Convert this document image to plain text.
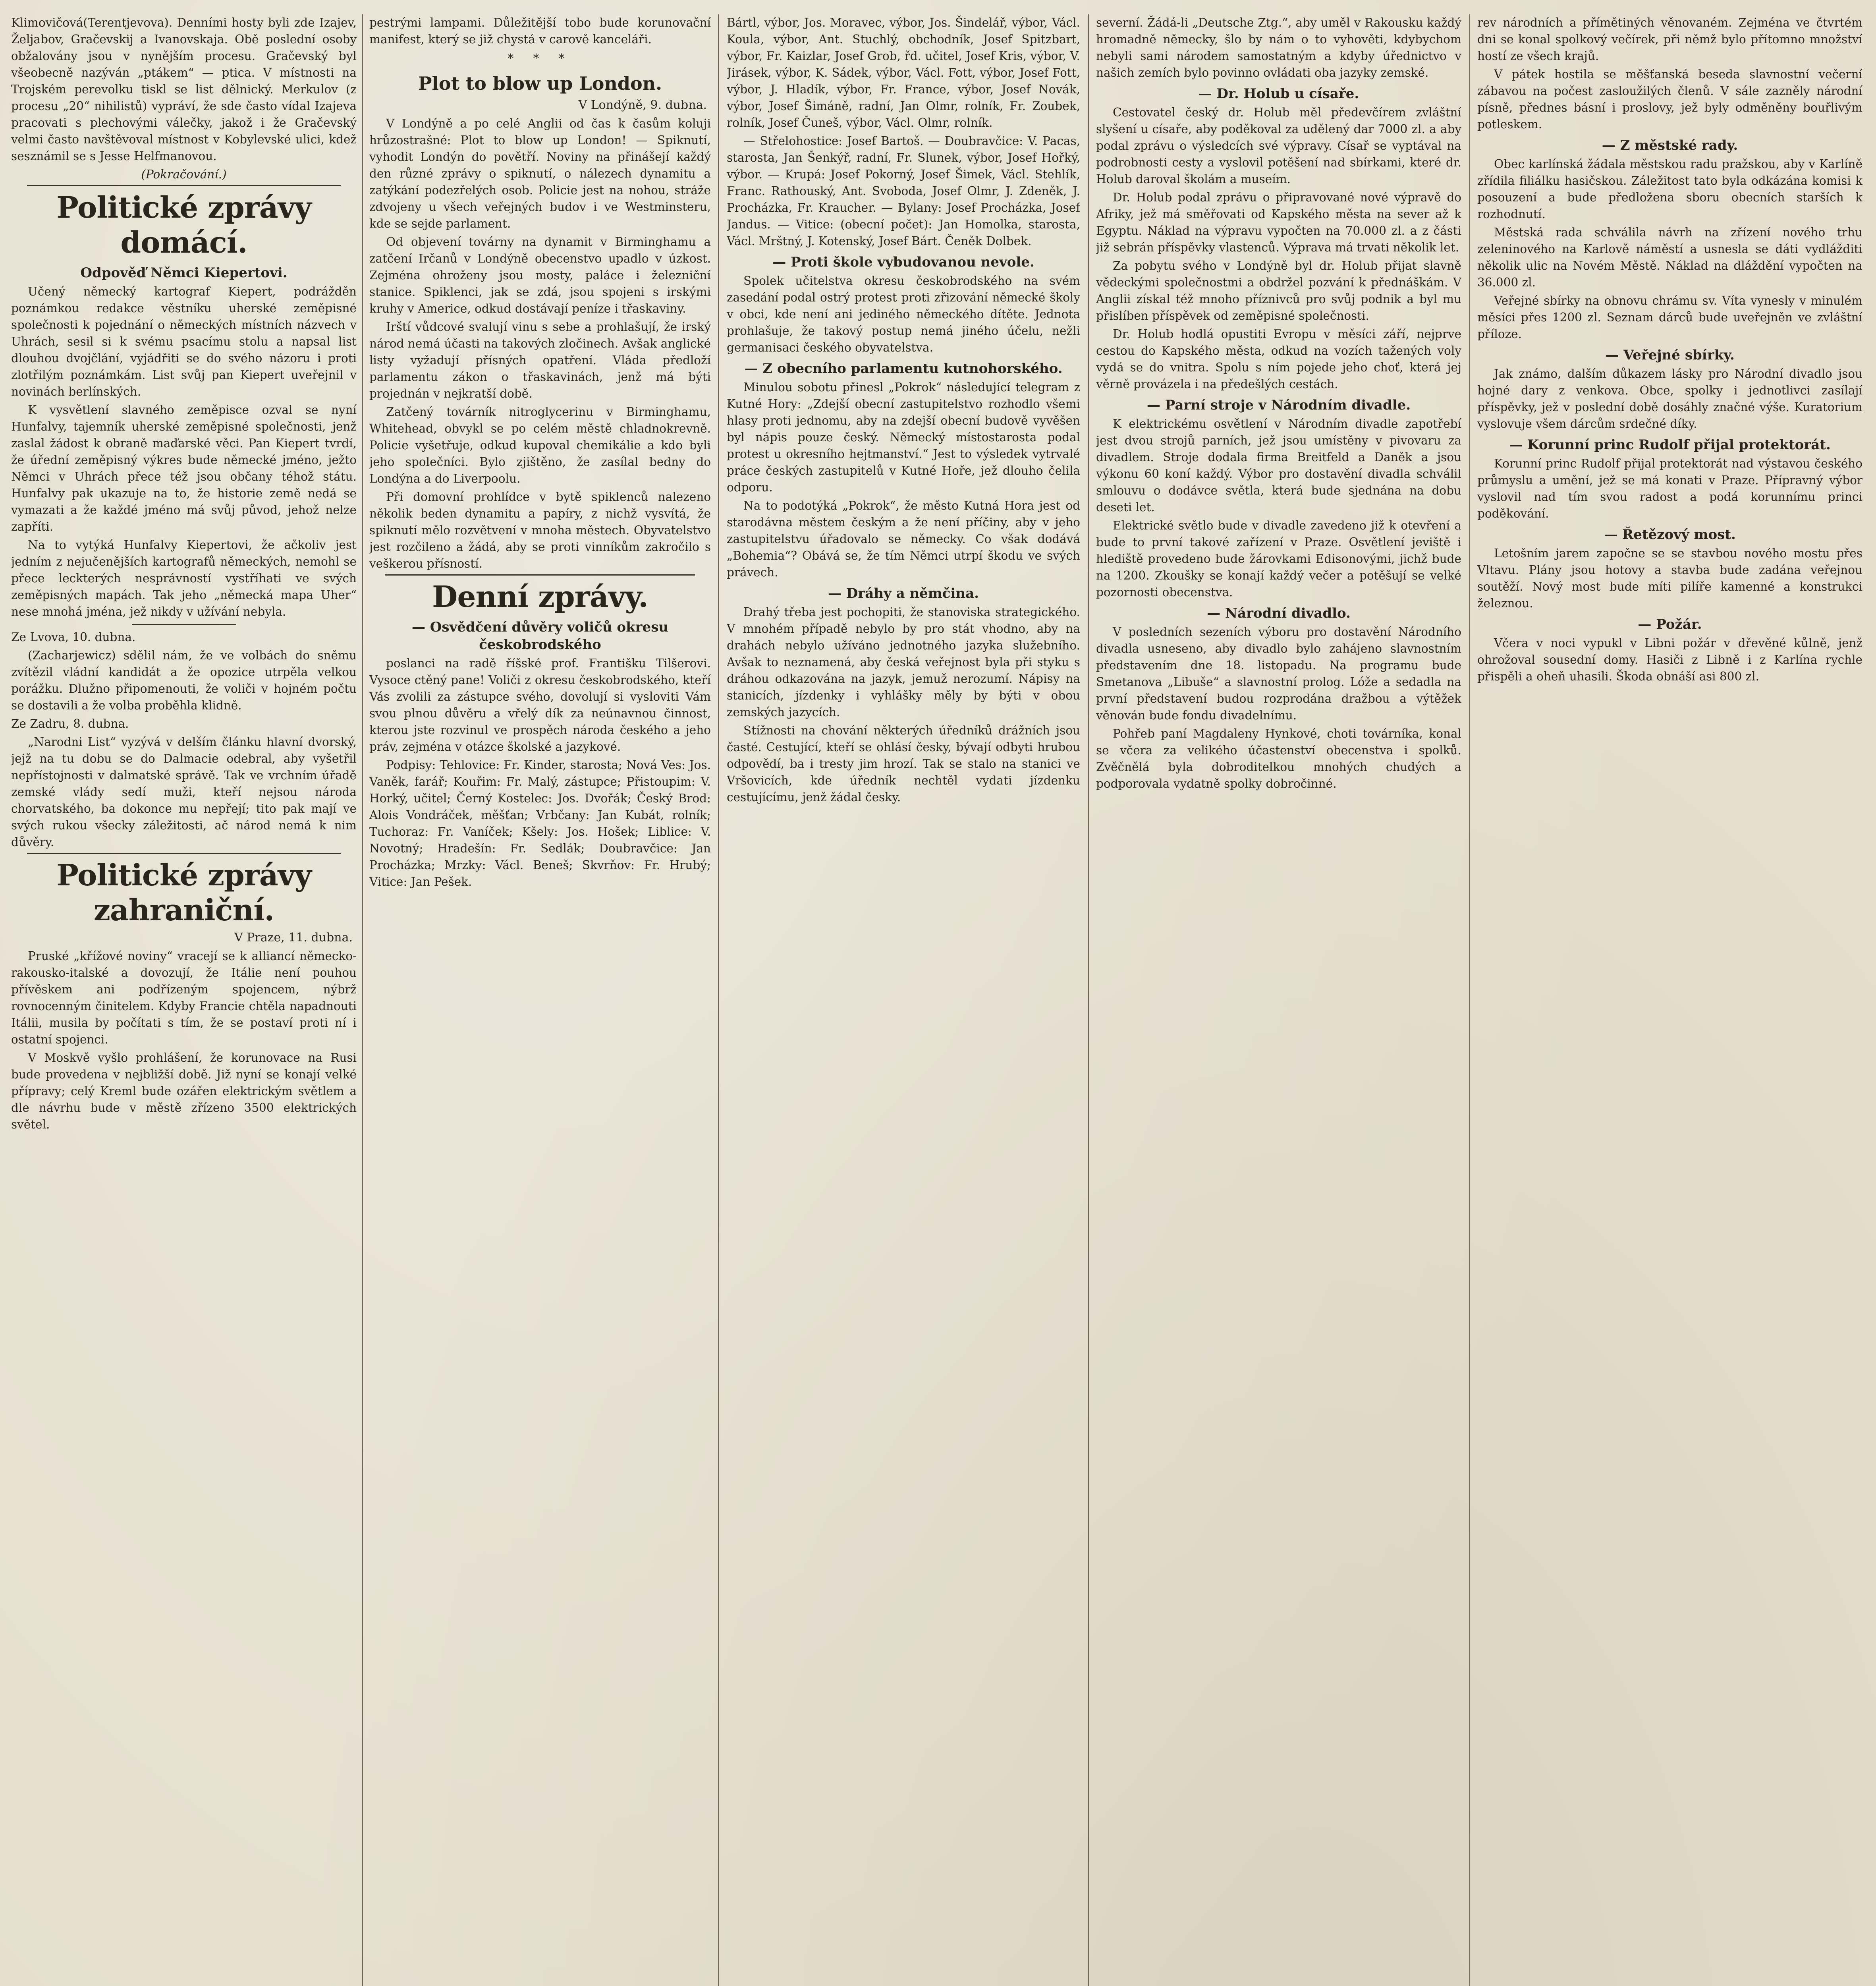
Klimovičová(Terentjevova). Denními hosty byli zde Izajev, Željabov, Gračevskij a Ivanovskaja. Obě poslední osoby obžalovány jsou v nynějším procesu. Gračevský byl všeobecně nazýván „ptákem“ — ptica. V místnosti na Trojském perevolku tiskl se list dělnický. Merkulov (z procesu „20“ nihilistů) vypráví, že sde často vídal Izajeva pracovati s plechovými válečky, jakož i že Gračevský velmi často navštěvoval místnost v Kobylevské ulici, kdež sesznámil se s Jesse Helfmanovou.

(Pokračování.)
Politické zprávy domácí.
Odpověď Němci Kiepertovi.

Učený německý kartograf Kiepert, podrážděn poznámkou redakce věstníku uherské zeměpisné společnosti k pojednání o německých místních názvech v Uhrách, sesil si k svému psacímu stolu a napsal list dlouhou dvojčlání, vyjádřiti se do svého názoru i proti zlotřilým poznámkám. List svůj pan Kiepert uveřejnil v novinách berlínských.

K vysvětlení slavného zeměpisce ozval se nyní Hunfalvy, tajemník uherské zeměpisné společnosti, jenž zaslal žádost k obraně maďarské věci. Pan Kiepert tvrdí, že úřední zeměpisný výkres bude německé jméno, ježto Němci v Uhrách přece též jsou občany téhož státu. Hunfalvy pak ukazuje na to, že historie země nedá se vymazati a že každé jméno má svůj původ, jehož nelze zapříti.

Na to vytýká Hunfalvy Kiepertovi, že ačkoliv jest jedním z nejučenějších kartografů německých, nemohl se přece leckterých nesprávností vystříhati ve svých zeměpisných mapách. Tak jeho „německá mapa Uher“ nese mnohá jména, jež nikdy v užívání nebyla.

Ze Lvova, 10. dubna.

(Zacharjewicz) sdělil nám, že ve volbách do sněmu zvítězil vládní kandidát a že opozice utrpěla velkou porážku. Dlužno připomenouti, že voliči v hojném počtu se dostavili a že volba proběhla klidně.

Ze Zadru, 8. dubna.

„Narodni List“ vyzývá v delším článku hlavní dvorský, jejž na tu dobu se do Dalmacie odebral, aby vyšetřil nepřístojnosti v dalmatské správě. Tak ve vrchním úřadě zemské vlády sedí muži, kteří nejsou národa chorvatského, ba dokonce mu nepřejí; tito pak mají ve svých rukou všecky záležitosti, ač národ nemá k nim důvěry.

Politické zprávy zahraniční.
V Praze, 11. dubna.

Pruské „křížové noviny“ vracejí se k alliancí německo-rakousko-italské a dovozují, že Itálie není pouhou přívěskem ani podřízeným spojencem, nýbrž rovnocenným činitelem. Kdyby Francie chtěla napadnouti Itálii, musila by počítati s tím, že se postaví proti ní i ostatní spojenci.

V Moskvě vyšlo prohlášení, že korunovace na Rusi bude provedena v nejbližší době. Již nyní se konají velké přípravy; celý Kreml bude ozářen elektrickým světlem a dle návrhu bude v městě zřízeno 3500 elektrických světel.

pestrými lampami. Důležitější tobo bude korunovační manifest, který se již chystá v carově kanceláři.

* * *
Plot to blow up London.
V Londýně, 9. dubna.

V Londýně a po celé Anglii od čas k časům koluji hrůzostrašné: Plot to blow up London! — Spiknutí, vyhodit Londýn do povětří. Noviny na přinášejí každý den různé zprávy o spiknutí, o nálezech dynamitu a zatýkání podezřelých osob. Policie jest na nohou, stráže zdvojeny u všech veřejných budov i ve Westminsteru, kde se sejde parlament.

Od objevení továrny na dynamit v Birminghamu a zatčení Irčanů v Londýně obecenstvo upadlo v úzkost. Zejména ohroženy jsou mosty, paláce i železniční stanice. Spiklenci, jak se zdá, jsou spojeni s irskými kruhy v Americe, odkud dostávají peníze i třaskaviny.

Irští vůdcové svalují vinu s sebe a prohlašují, že irský národ nemá účasti na takových zločinech. Avšak anglické listy vyžadují přísných opatření. Vláda předloží parlamentu zákon o třaskavinách, jenž má býti projednán v nejkratší době.

Zatčený továrník nitroglycerinu v Birminghamu, Whitehead, obvykl se po celém městě chladnokrevně. Policie vyšetřuje, odkud kupoval chemikálie a kdo byli jeho společníci. Bylo zjištěno, že zasílal bedny do Londýna a do Liverpoolu.

Při domovní prohlídce v bytě spiklenců nalezeno několik beden dynamitu a papíry, z nichž vysvítá, že spiknutí mělo rozvětvení v mnoha městech. Obyvatelstvo jest rozčileno a žádá, aby se proti vinníkům zakročilo s veškerou přísností.

Denní zprávy.
— Osvědčení důvěry voličů okresu českobrodského

poslanci na radě říšské prof. Františku Tilšerovi. Vysoce ctěný pane! Voliči z okresu českobrodského, kteří Vás zvolili za zástupce svého, dovolují si vysloviti Vám svou plnou důvěru a vřelý dík za neúnavnou činnost, kterou jste rozvinul ve prospěch národa českého a jeho práv, zejména v otázce školské a jazykové.

Podpisy: Tehlovice: Fr. Kinder, starosta; Nová Ves: Jos. Vaněk, farář; Kouřim: Fr. Malý, zástupce; Přistoupim: V. Horký, učitel; Černý Kostelec: Jos. Dvořák; Český Brod: Alois Vondráček, měšťan; Vrbčany: Jan Kubát, rolník; Tuchoraz: Fr. Vaníček; Kšely: Jos. Hošek; Liblice: V. Novotný; Hradešín: Fr. Sedlák; Doubravčice: Jan Procházka; Mrzky: Václ. Beneš; Skvrňov: Fr. Hrubý; Vitice: Jan Pešek.

Bártl, výbor, Jos. Moravec, výbor, Jos. Šindelář, výbor, Václ. Koula, výbor, Ant. Stuchlý, obchodník, Josef Spitzbart, výbor, Fr. Kaizlar, Josef Grob, řd. učitel, Josef Kris, výbor, V. Jirásek, výbor, K. Sádek, výbor, Václ. Fott, výbor, Josef Fott, výbor, J. Hladík, výbor, Fr. France, výbor, Josef Novák, výbor, Josef Šimáně, radní, Jan Olmr, rolník, Fr. Zoubek, rolník, Josef Čuneš, výbor, Václ. Olmr, rolník.

— Střelohostice: Josef Bartoš. — Doubravčice: V. Pacas, starosta, Jan Šenkýř, radní, Fr. Slunek, výbor, Josef Hořký, výbor. — Krupá: Josef Pokorný, Josef Šimek, Václ. Stehlík, Franc. Rathouský, Ant. Svoboda, Josef Olmr, J. Zdeněk, J. Procházka, Fr. Kraucher. — Bylany: Josef Procházka, Josef Jandus. — Vitice: (obecní počet): Jan Homolka, starosta, Václ. Mrštný, J. Kotenský, Josef Bárt. Čeněk Dolbek.

— Proti škole vybudovanou nevole.

Spolek učitelstva okresu českobrodského na svém zasedání podal ostrý protest proti zřizování německé školy v obci, kde není ani jediného německého dítěte. Jednota prohlašuje, že takový postup nemá jiného účelu, nežli germanisaci českého obyvatelstva.

— Z obecního parlamentu kutnohorského.

Minulou sobotu přinesl „Pokrok“ následující telegram z Kutné Hory: „Zdejší obecní zastupitelstvo rozhodlo všemi hlasy proti jednomu, aby na zdejší obecní budově vyvěšen byl nápis pouze český. Německý místostarosta podal protest u okresního hejtmanství.“ Jest to výsledek vytrvalé práce českých zastupitelů v Kutné Hoře, jež dlouho čelila odporu.

Na to podotýká „Pokrok“, že město Kutná Hora jest od starodávna městem českým a že není příčiny, aby v jeho zastupitelstvu úřadovalo se německy. Co však dodává „Bohemia“? Obává se, že tím Němci utrpí škodu ve svých právech.

— Dráhy a němčina.

Drahý třeba jest pochopiti, že stanoviska strategického. V mnohém případě nebylo by pro stát vhodno, aby na drahách nebylo užíváno jednotného jazyka služebního. Avšak to neznamená, aby česká veřejnost byla při styku s dráhou odkazována na jazyk, jemuž nerozumí. Nápisy na stanicích, jízdenky i vyhlášky měly by býti v obou zemských jazycích.

Stížnosti na chování některých úředníků drážních jsou časté. Cestující, kteří se ohlásí česky, bývají odbyti hrubou odpovědí, ba i tresty jim hrozí. Tak se stalo na stanici ve Vršovicích, kde úředník nechtěl vydati jízdenku cestujícímu, jenž žádal česky.

severní. Žádá-li „Deutsche Ztg.“, aby uměl v Rakousku každý hromadně německy, šlo by nám o to vyhověti, kdybychom nebyli sami národem samostatným a kdyby úřednictvo v našich zemích bylo povinno ovládati oba jazyky zemské.

— Dr. Holub u císaře.

Cestovatel český dr. Holub měl předevčírem zvláštní slyšení u císaře, aby poděkoval za udělený dar 7000 zl. a aby podal zprávu o výsledcích své výpravy. Císař se vyptával na podrobnosti cesty a vyslovil potěšení nad sbírkami, které dr. Holub daroval školám a museím.

Dr. Holub podal zprávu o připravované nové výpravě do Afriky, jež má směřovati od Kapského města na sever až k Egyptu. Náklad na výpravu vypočten na 70.000 zl. a z části již sebrán příspěvky vlastenců. Výprava má trvati několik let.

Za pobytu svého v Londýně byl dr. Holub přijat slavně vědeckými společnostmi a obdržel pozvání k přednáškám. V Anglii získal též mnoho příznivců pro svůj podnik a byl mu přislíben příspěvek od zeměpisné společnosti.

Dr. Holub hodlá opustiti Evropu v měsíci září, nejprve cestou do Kapského města, odkud na vozích tažených voly vydá se do vnitra. Spolu s ním pojede jeho choť, která jej věrně provázela i na předešlých cestách.

— Parní stroje v Národním divadle.

K elektrickému osvětlení v Národním divadle zapotřebí jest dvou strojů parních, jež jsou umístěny v pivovaru za divadlem. Stroje dodala firma Breitfeld a Daněk a jsou výkonu 60 koní každý. Výbor pro dostavění divadla schválil smlouvu o dodávce světla, která bude sjednána na dobu deseti let.

Elektrické světlo bude v divadle zavedeno již k otevření a bude to první takové zařízení v Praze. Osvětlení jeviště i hlediště provedeno bude žárovkami Edisonovými, jichž bude na 1200. Zkoušky se konají každý večer a potěšují se velké pozornosti obecenstva.

— Národní divadlo.

V posledních sezeních výboru pro dostavění Národního divadla usneseno, aby divadlo bylo zahájeno slavnostním představením dne 18. listopadu. Na programu bude Smetanova „Libuše“ a slavnostní prolog. Lóže a sedadla na první představení budou rozprodána dražbou a výtěžek věnován bude fondu divadelnímu.

Pohřeb paní Magdaleny Hynkové, choti továrníka, konal se včera za velikého účastenství obecenstva i spolků. Zvěčnělá byla dobroditelkou mnohých chudých a podporovala vydatně spolky dobročinné.

rev národních a přímětiných věnovaném. Zejména ve čtvrtém dni se konal spolkový večírek, při němž bylo přítomno množství hostí ze všech krajů.

V pátek hostila se měšťanská beseda slavnostní večerní zábavou na počest zasloužilých členů. V sále zazněly národní písně, přednes básní i proslovy, jež byly odměněny bouřlivým potleskem.

— Z městské rady.

Obec karlínská žádala městskou radu pražskou, aby v Karlíně zřídila filiálku hasičskou. Záležitost tato byla odkázána komisi k posouzení a bude předložena sboru obecních starších k rozhodnutí.

Městská rada schválila návrh na zřízení nového trhu zeleninového na Karlově náměstí a usnesla se dáti vydlážditi několik ulic na Novém Městě. Náklad na dláždění vypočten na 36.000 zl.

Veřejné sbírky na obnovu chrámu sv. Víta vynesly v minulém měsíci přes 1200 zl. Seznam dárců bude uveřejněn ve zvláštní příloze.

— Veřejné sbírky.

Jak známo, dalším důkazem lásky pro Národní divadlo jsou hojné dary z venkova. Obce, spolky i jednotlivci zasílají příspěvky, jež v poslední době dosáhly značné výše. Kuratorium vyslovuje všem dárcům srdečné díky.

— Korunní princ Rudolf přijal protektorát.

Korunní princ Rudolf přijal protektorát nad výstavou českého průmyslu a umění, jež se má konati v Praze. Přípravný výbor vyslovil nad tím svou radost a podá korunnímu princi poděkování.

— Řetězový most.

Letošním jarem započne se se stavbou nového mostu přes Vltavu. Plány jsou hotovy a stavba bude zadána veřejnou soutěží. Nový most bude míti pilíře kamenné a konstrukci železnou.

— Požár.

Včera v noci vypukl v Libni požár v dřevěné kůlně, jenž ohrožoval sousední domy. Hasiči z Libně i z Karlína rychle přispěli a oheň uhasili. Škoda obnáší asi 800 zl.
